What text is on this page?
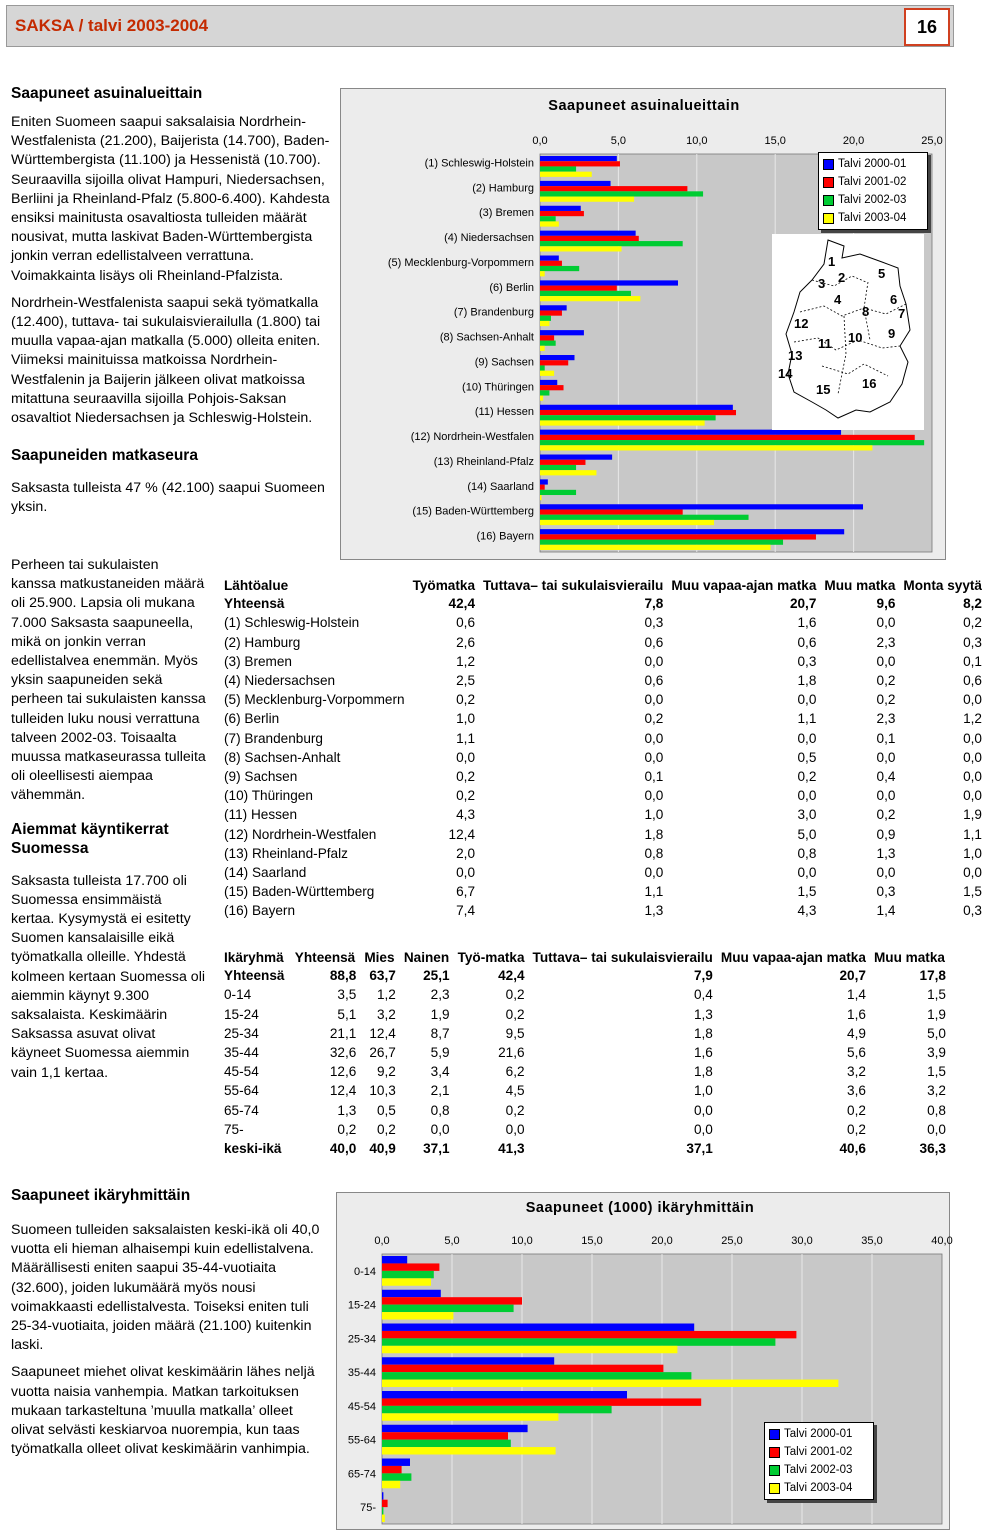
SAKSA / talvi 2003-2004	16
Saapuneet asuinalueittain

Eniten Suomeen saapui saksalaisia Nordrhein-Westfalenista (21.200), Baijerista (14.700), Baden-Württembergista (11.100) ja Hessenistä (10.700). Seuraavilla sijoilla olivat Hampuri, Niedersachsen, Berliini ja Rheinland-Pfalz (5.800-6.400). Kahdesta ensiksi mainitusta osavaltiosta tulleiden määrät nousivat, mutta laskivat Baden-Württembergista jonkin verran edellistalveen verrattuna. Voimakkainta lisäys oli Rheinland-Pfalzista.

Nordrhein-Westfalenista saapui sekä työmatkalla (12.400), tuttava- tai sukulaisvierailulla (1.800) tai muulla vapaa-ajan matkalla (5.000) olleita eniten. Viimeksi mainituissa matkoissa Nordrhein-Westfalenin ja Baijerin jälkeen olivat matkoissa mitattuna seuraavilla sijoilla Pohjois-Saksan osavaltiot Niedersachsen ja Schleswig-Holstein.

Saapuneiden matkaseura

Saksasta tulleista 47 % (42.100) saapui Suomeen yksin.

Perheen tai sukulaisten kanssa matkustaneiden määrä oli 25.900. Lapsia oli mukana 7.000 Saksasta saapuneella, mikä on jonkin verran edellistalvea enemmän. Myös yksin saapuneiden sekä perheen tai sukulaisten kanssa tulleiden luku nousi verrattuna talveen 2002-03. Toisaalta muussa matkaseurassa tulleita oli oleellisesti aiempaa vähemmän.

Aiemmat käyntikerrat Suomessa

Saksasta tulleista 17.700 oli Suomessa ensimmäistä kertaa. Kysymystä ei esitetty Suomen kansalaisille eikä työmatkalla olleille. Yhdestä kolmeen kertaan Suomessa oli aiemmin käynyt 9.300 saksalaista. Keskimäärin Saksassa asuvat olivat käyneet Suomessa aiemmin vain 1,1 kertaa.

Saapuneet ikäryhmittäin

Suomeen tulleiden saksalaisten keski-ikä oli 40,0 vuotta eli hieman alhaisempi kuin edellistalvena. Määrällisesti eniten saapui 35-44-vuotiaita (32.600), joiden lukumäärä myös nousi voimakkaasti edellistalvesta. Toiseksi eniten tuli 25-34-vuotiaita, joiden määrä (21.100) kuitenkin laski.

Saapuneet miehet olivat keskimäärin lähes neljä vuotta naisia vanhempia. Matkan tarkoituksen mukaan tarkasteltuna ’muulla matkalla’ olleet olivat selvästi keskiarvoa nuorempia, kun taas työmatkalla olleet olivat keskimäärin vanhimpia.

Saapuneet asuinalueittain
0,0	5,0	10,0	15,0	20,0	25,0
(1) Schleswig-Holstein
(2) Hamburg
(3) Bremen
(4) Niedersachsen
(5) Mecklenburg-Vorpommern
(6) Berlin
(7) Brandenburg
(8) Sachsen-Anhalt
(9) Sachsen
(10) Thüringen
(11) Hessen
(12) Nordrhein-Westfalen
(13) Rheinland-Pfalz
(14) Saarland
(15) Baden-Württemberg
(16) Bayern
Talvi 2000-01
Talvi 2001-02
Talvi 2002-03
Talvi 2003-04
1
2
3
4
5
6
7
8
9
10
11
12
13
14
15 16
Lähtöalue	Työmatka	Tuttava– tai sukulaisvierailu	Muu vapaa-ajan matka	Muu matka	Monta syytä
Yhteensä	42,4	7,8	20,7	9,6	8,2
(1) Schleswig-Holstein	0,6	0,3	1,6	0,0	0,2
(2) Hamburg	2,6	0,6	0,6	2,3	0,3
(3) Bremen	1,2	0,0	0,3	0,0	0,1
(4) Niedersachsen	2,5	0,6	1,8	0,2	0,6
(5) Mecklenburg-Vorpommern	0,2	0,0	0,0	0,2	0,0
(6) Berlin	1,0	0,2	1,1	2,3	1,2
(7) Brandenburg	1,1	0,0	0,0	0,1	0,0
(8) Sachsen-Anhalt	0,0	0,0	0,5	0,0	0,0
(9) Sachsen	0,2	0,1	0,2	0,4	0,0
(10) Thüringen	0,2	0,0	0,0	0,0	0,0
(11) Hessen	4,3	1,0	3,0	0,2	1,9
(12) Nordrhein-Westfalen	12,4	1,8	5,0	0,9	1,1
(13) Rheinland-Pfalz	2,0	0,8	0,8	1,3	1,0
(14) Saarland	0,0	0,0	0,0	0,0	0,0
(15) Baden-Württemberg	6,7	1,1	1,5	0,3	1,5
(16) Bayern	7,4	1,3	4,3	1,4	0,3
Ikäryhmä	Yhteensä	Mies	Nainen	Työ-matka	Tuttava– tai sukulaisvierailu	Muu vapaa-ajan matka	Muu matka
Yhteensä	88,8	63,7	25,1	42,4	7,9	20,7	17,8
0-14	3,5	1,2	2,3	0,2	0,4	1,4	1,5
15-24	5,1	3,2	1,9	0,2	1,3	1,6	1,9
25-34	21,1	12,4	8,7	9,5	1,8	4,9	5,0
35-44	32,6	26,7	5,9	21,6	1,6	5,6	3,9
45-54	12,6	9,2	3,4	6,2	1,8	3,2	1,5
55-64	12,4	10,3	2,1	4,5	1,0	3,6	3,2
65-74	1,3	0,5	0,8	0,2	0,0	0,2	0,8
75-	0,2	0,2	0,0	0,0	0,0	0,2	0,0
keski-ikä	40,0	40,9	37,1	41,3	37,1	40,6	36,3
Saapuneet (1000) ikäryhmittäin
0,0	5,0	10,0	15,0	20,0	25,0	30,0	35,0	40,0
0-14
15-24
25-34
35-44
45-54
55-64
65-74
75-
Talvi 2000-01
Talvi 2001-02
Talvi 2002-03
Talvi 2003-04
